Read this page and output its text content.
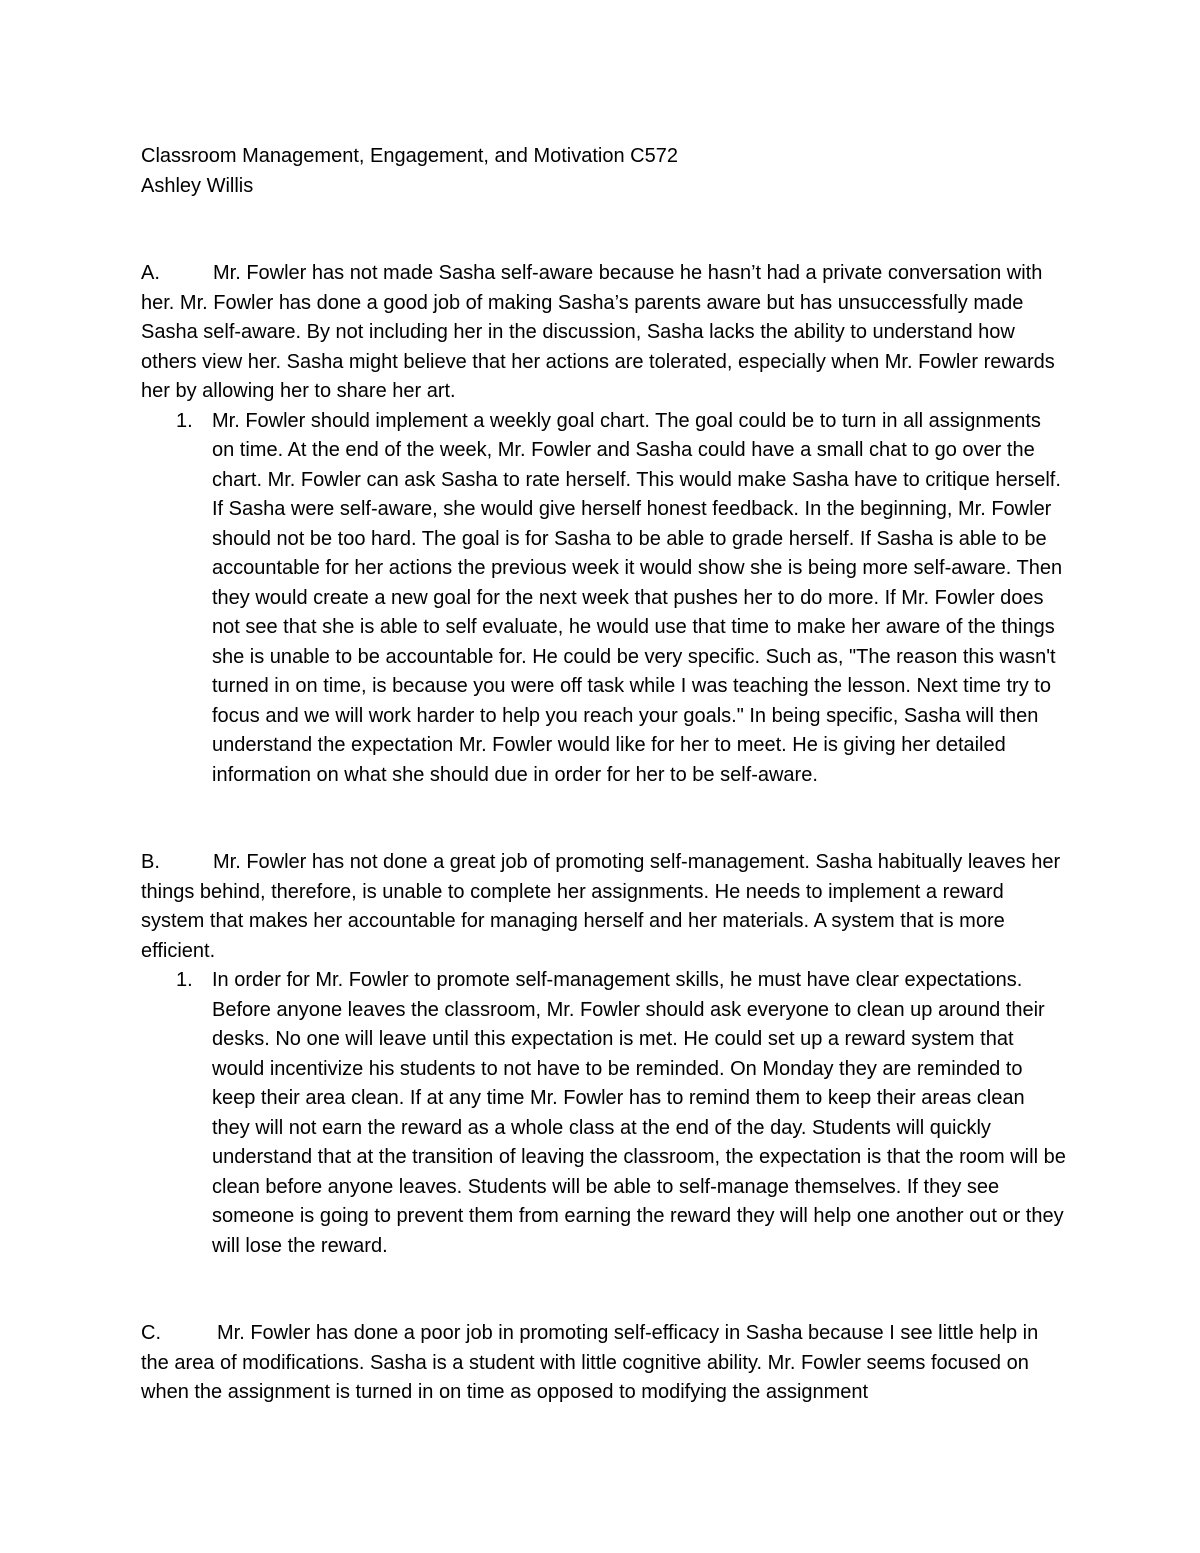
Classroom Management, Engagement, and Motivation C572
Ashley Willis

A.	Mr. Fowler has not made Sasha self-aware because he hasn’t had a private conversation with her. Mr. Fowler has done a good job of making Sasha’s parents aware but has unsuccessfully made Sasha self-aware. By not including her in the discussion, Sasha lacks the ability to understand how others view her. Sasha might believe that her actions are tolerated, especially when Mr. Fowler rewards her by allowing her to share her art.

1. Mr. Fowler should implement a weekly goal chart. The goal could be to turn in all assignments on time. At the end of the week, Mr. Fowler and Sasha could have a small chat to go over the chart. Mr. Fowler can ask Sasha to rate herself. This would make Sasha have to critique herself. If Sasha were self-aware, she would give herself honest feedback. In the beginning, Mr. Fowler should not be too hard. The goal is for Sasha to be able to grade herself. If Sasha is able to be accountable for her actions the previous week it would show she is being more self-aware. Then they would create a new goal for the next week that pushes her to do more. If Mr. Fowler does not see that she is able to self evaluate, he would use that time to make her aware of the things she is unable to be accountable for. He could be very specific. Such as, "The reason this wasn't turned in on time, is because you were off task while I was teaching the lesson. Next time try to focus and we will work harder to help you reach your goals." In being specific, Sasha will then understand the expectation Mr. Fowler would like for her to meet. He is giving her detailed information on what she should due in order for her to be self-aware.

B.	Mr. Fowler has not done a great job of promoting self-management. Sasha habitually leaves her things behind, therefore, is unable to complete her assignments. He needs to implement a reward system that makes her accountable for managing herself and her materials. A system that is more efficient.

1. In order for Mr. Fowler to promote self-management skills, he must have clear expectations. Before anyone leaves the classroom, Mr. Fowler should ask everyone to clean up around their desks. No one will leave until this expectation is met. He could set up a reward system that would incentivize his students to not have to be reminded. On Monday they are reminded to keep their area clean. If at any time Mr. Fowler has to remind them to keep their areas clean they will not earn the reward as a whole class at the end of the day. Students will quickly understand that at the transition of leaving the classroom, the expectation is that the room will be clean before anyone leaves. Students will be able to self-manage themselves. If they see someone is going to prevent them from earning the reward they will help one another out or they will lose the reward.

C.	Mr. Fowler has done a poor job in promoting self-efficacy in Sasha because I see little help in the area of modifications. Sasha is a student with little cognitive ability. Mr. Fowler seems focused on when the assignment is turned in on time as opposed to modifying the assignment
